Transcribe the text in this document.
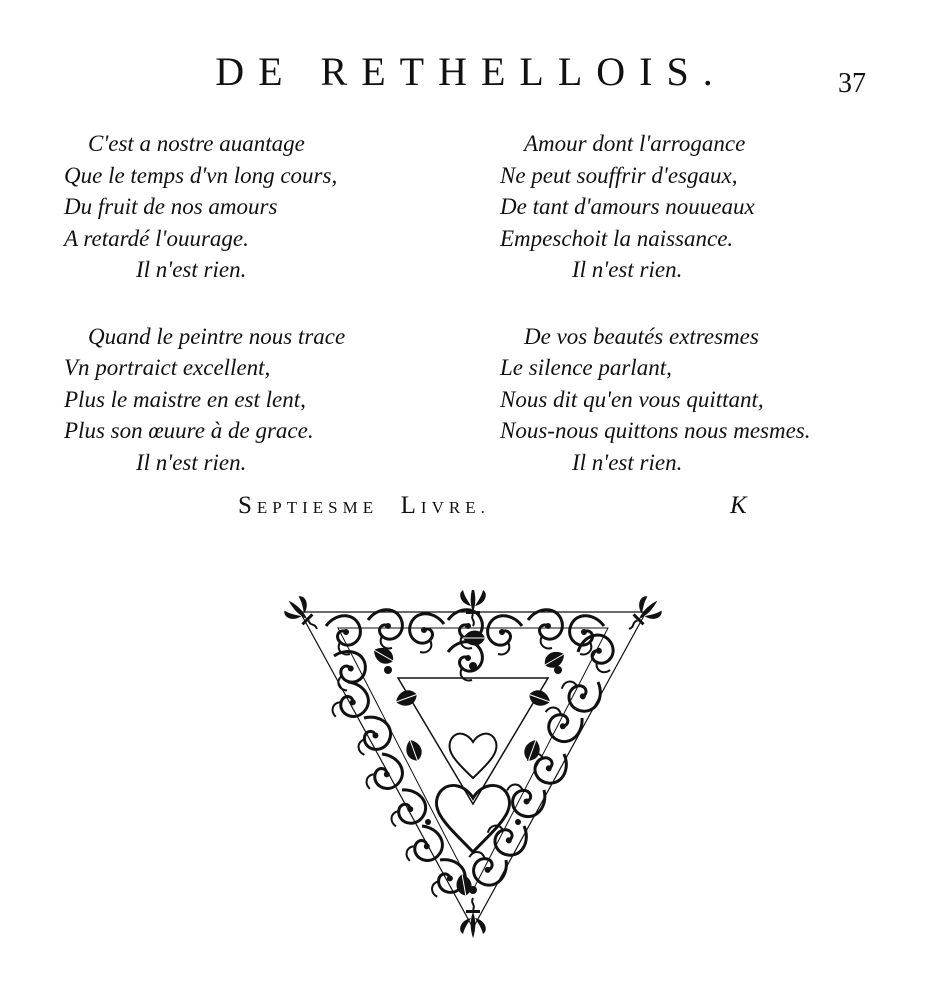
DE RETHELLOIS.	37
C'est a nostre auantage
Que le temps d'vn long cours,
Du fruit de nos amours
A retardé l'ouurage.
Il n'est rien.
Quand le peintre nous trace
Vn portraict excellent,
Plus le maistre en est lent,
Plus son œuure à de grace.
Il n'est rien.
Amour dont l'arrogance
Ne peut souffrir d'esgaux,
De tant d'amours nouueaux
Empeschoit la naissance.
Il n'est rien.
De vos beautés extresmes
Le silence parlant,
Nous dit qu'en vous quittant,
Nous-nous quittons nous mesmes.
Il n'est rien.
SEPTIESME LIVRE.	K
